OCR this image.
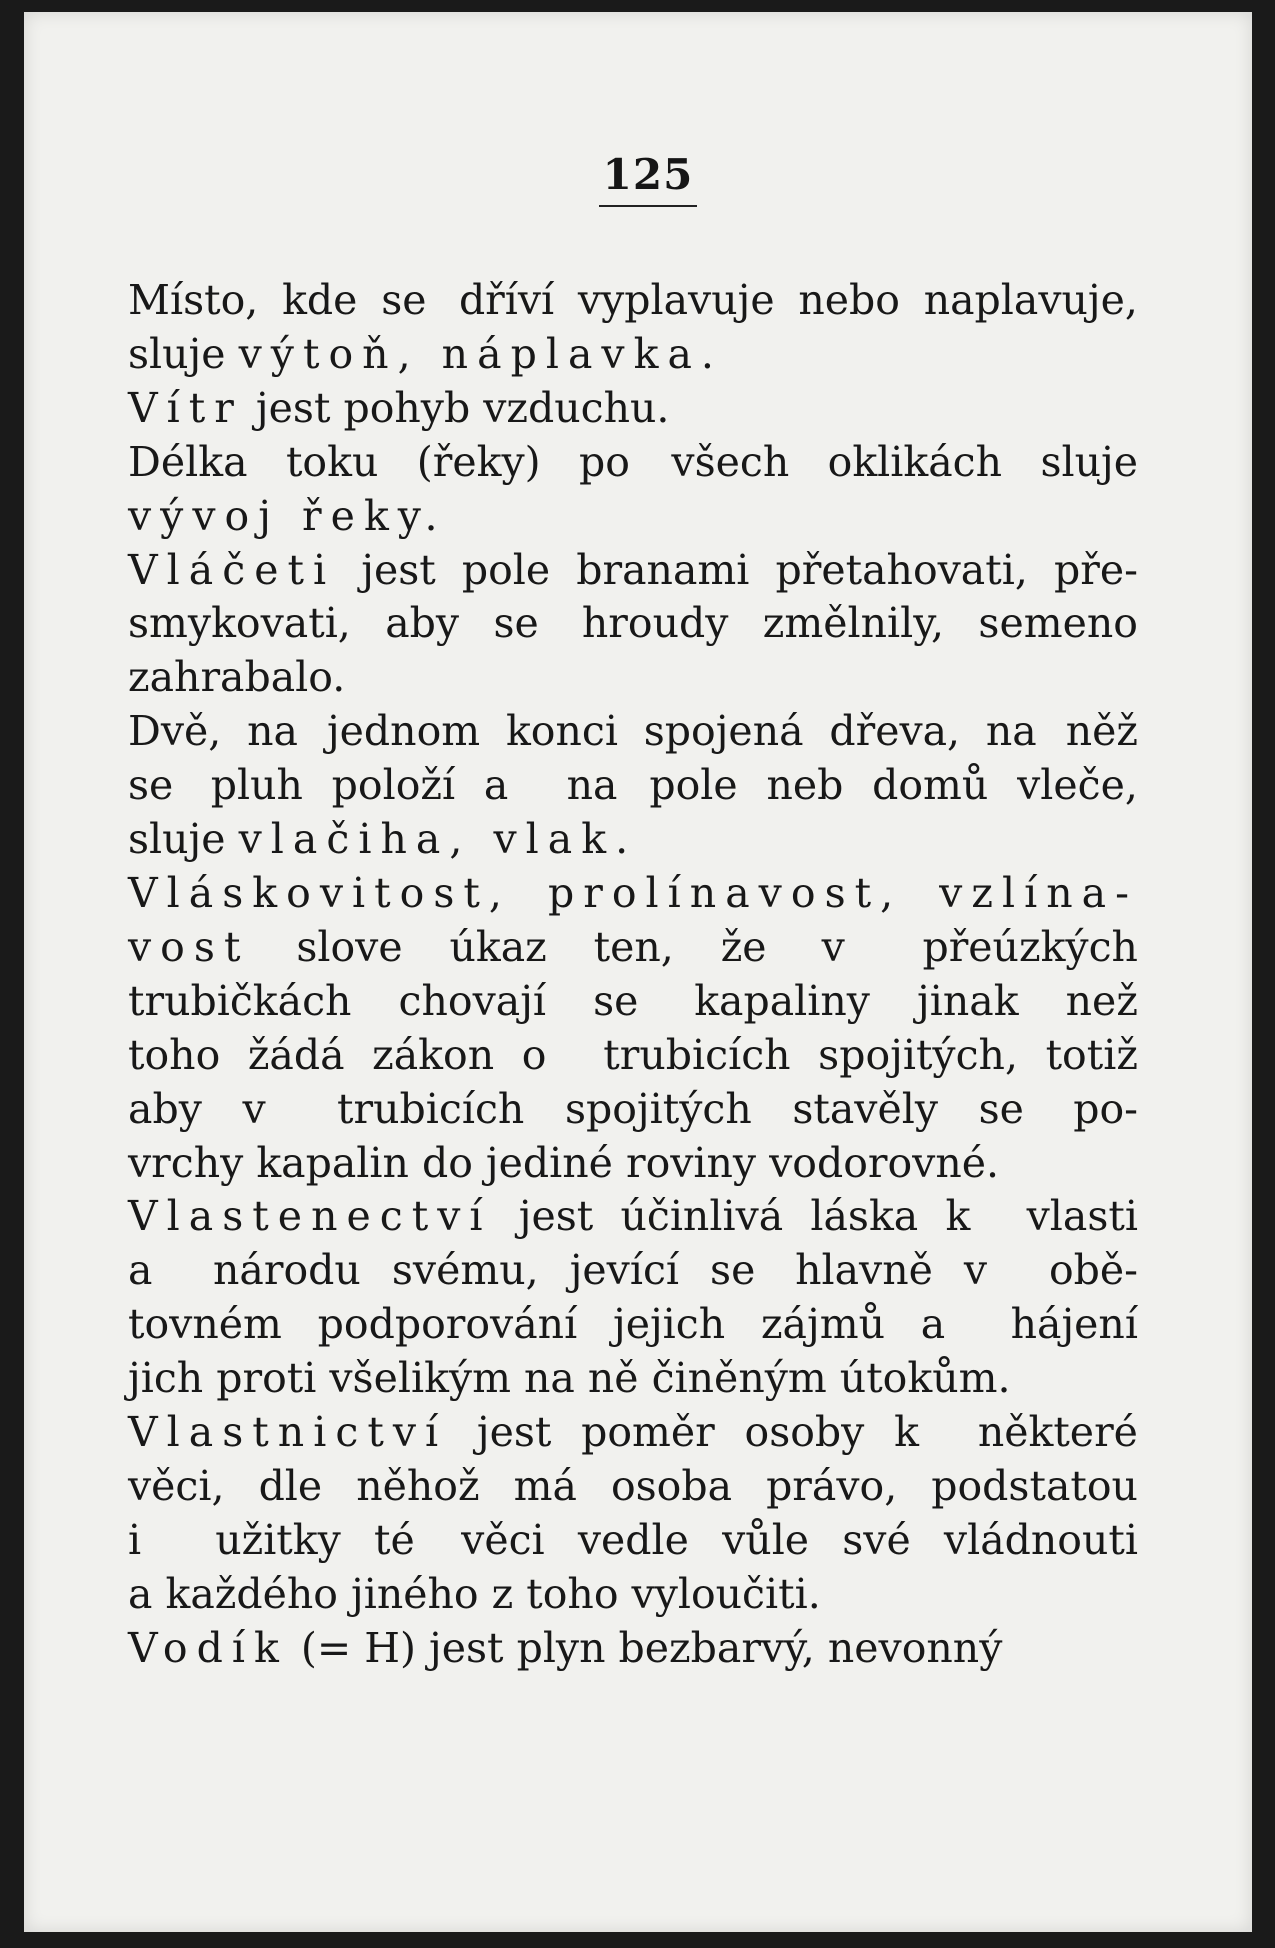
125
Místo, kde se dříví vyplavuje nebo naplavuje,
sluje výtoň, náplavka.
Vítr jest pohyb vzduchu.
Délka toku (řeky) po všech oklikách sluje
vývoj řeky.
Vláčeti jest pole branami přetahovati, pře-
smykovati, aby se hroudy změlnily, semeno
zahrabalo.
Dvě, na jednom konci spojená dřeva, na něž
se pluh položí a	na pole neb domů vleče,
sluje vlačiha, vlak.
Vláskovitost, prolínavost, vzlína-
vost slove úkaz ten, že v	přeúzkých
trubičkách chovají se kapaliny jinak než
toho žádá zákon o	trubicích spojitých, totiž
aby v	trubicích spojitých stavěly se po-
vrchy kapalin do jediné roviny vodorovné.
Vlastenectví jest účinlivá láska k	vlasti
a	národu svému, jevící se hlavně v	obě-
tovném podporování jejich zájmů a	hájení
jich proti všelikým na ně činěným útokům.
Vlastnictví jest poměr osoby k	některé
věci, dle něhož má osoba právo, podstatou
i	užitky té	věci vedle vůle své vládnouti
a každého jiného z toho vyloučiti.
Vodík (= H) jest plyn bezbarvý, nevonný
